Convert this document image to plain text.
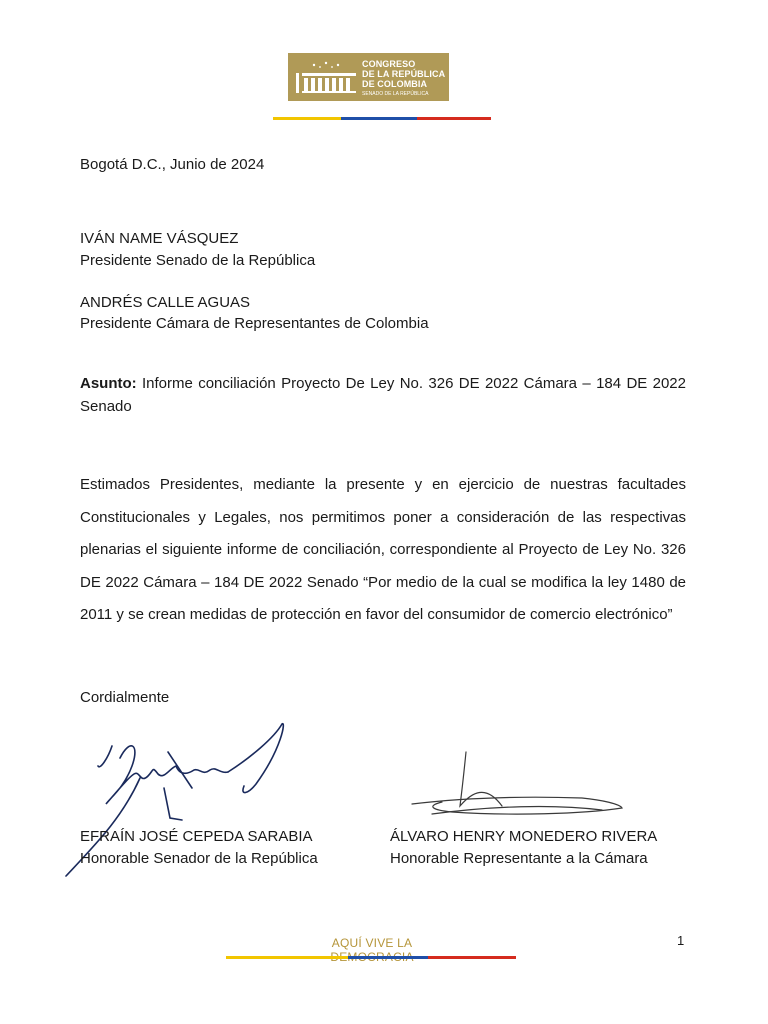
CONGRESO
DE LA REPÚBLICA
DE COLOMBIA
SENADO DE LA REPÚBLICA
Bogotá D.C., Junio de 2024
IVÁN NAME VÁSQUEZ
Presidente Senado de la República
ANDRÉS CALLE AGUAS
Presidente Cámara de Representantes de Colombia
Asunto: Informe conciliación Proyecto De Ley No. 326 DE 2022 Cámara – 184 DE 2022 Senado
Estimados Presidentes, mediante la presente y en ejercicio de nuestras facultades Constitucionales y Legales, nos permitimos poner a consideración de las respectivas plenarias el siguiente informe de conciliación, correspondiente al Proyecto de Ley No. 326 DE 2022 Cámara – 184 DE 2022 Senado “Por medio de la cual se modifica la ley 1480 de 2011 y se crean medidas de protección en favor del consumidor de comercio electrónico”
Cordialmente
EFRAÍN JOSÉ CEPEDA SARABIA
Honorable Senador de la República
ÁLVARO HENRY MONEDERO RIVERA
Honorable Representante a la Cámara
AQUÍ VIVE LA	1
